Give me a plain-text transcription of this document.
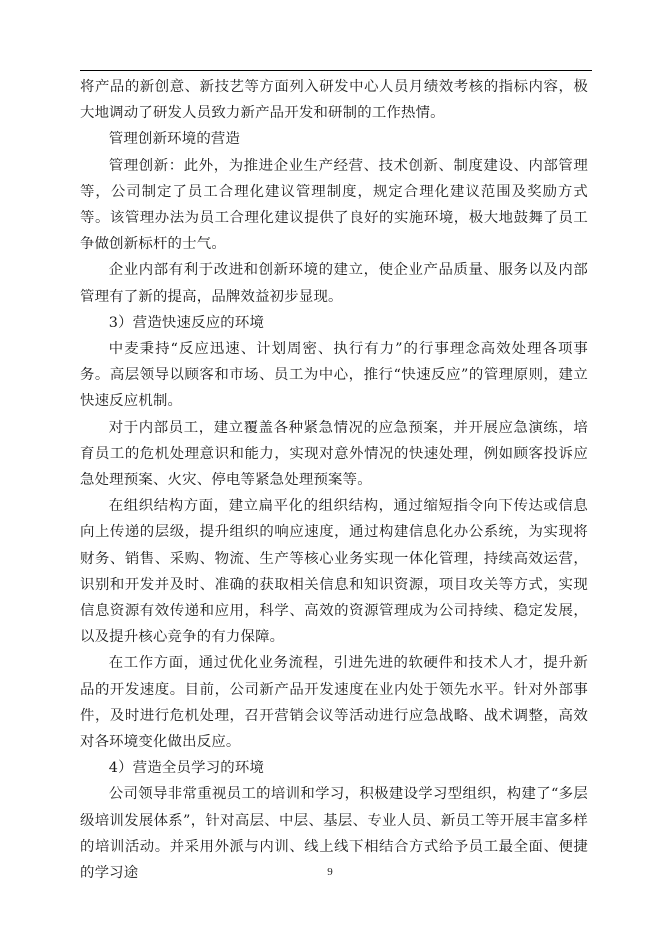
将产品的新创意、新技艺等方面列入研发中心人员月绩效考核的指标内容，极大地调动了研发人员致力新产品开发和研制的工作热情。

管理创新环境的营造

管理创新：此外，为推进企业生产经营、技术创新、制度建设、内部管理等，公司制定了员工合理化建议管理制度，规定合理化建议范围及奖励方式等。该管理办法为员工合理化建议提供了良好的实施环境，极大地鼓舞了员工争做创新标杆的士气。

企业内部有利于改进和创新环境的建立，使企业产品质量、服务以及内部管理有了新的提高，品牌效益初步显现。

3）营造快速反应的环境

中麦秉持“反应迅速、计划周密、执行有力”的行事理念高效处理各项事务。高层领导以顾客和市场、员工为中心，推行“快速反应”的管理原则，建立快速反应机制。

对于内部员工，建立覆盖各种紧急情况的应急预案，并开展应急演练，培育员工的危机处理意识和能力，实现对意外情况的快速处理，例如顾客投诉应急处理预案、火灾、停电等紧急处理预案等。

在组织结构方面，建立扁平化的组织结构，通过缩短指令向下传达或信息向上传递的层级，提升组织的响应速度，通过构建信息化办公系统，为实现将财务、销售、采购、物流、生产等核心业务实现一体化管理，持续高效运营，识别和开发并及时、准确的获取相关信息和知识资源，项目攻关等方式，实现信息资源有效传递和应用，科学、高效的资源管理成为公司持续、稳定发展，以及提升核心竞争的有力保障。

在工作方面，通过优化业务流程，引进先进的软硬件和技术人才，提升新品的开发速度。目前，公司新产品开发速度在业内处于领先水平。针对外部事件，及时进行危机处理，召开营销会议等活动进行应急战略、战术调整，高效对各环境变化做出反应。

4）营造全员学习的环境

公司领导非常重视员工的培训和学习，积极建设学习型组织，构建了“多层级培训发展体系”，针对高层、中层、基层、专业人员、新员工等开展丰富多样的培训活动。并采用外派与内训、线上线下相结合方式给予员工最全面、便捷的学习途	9
